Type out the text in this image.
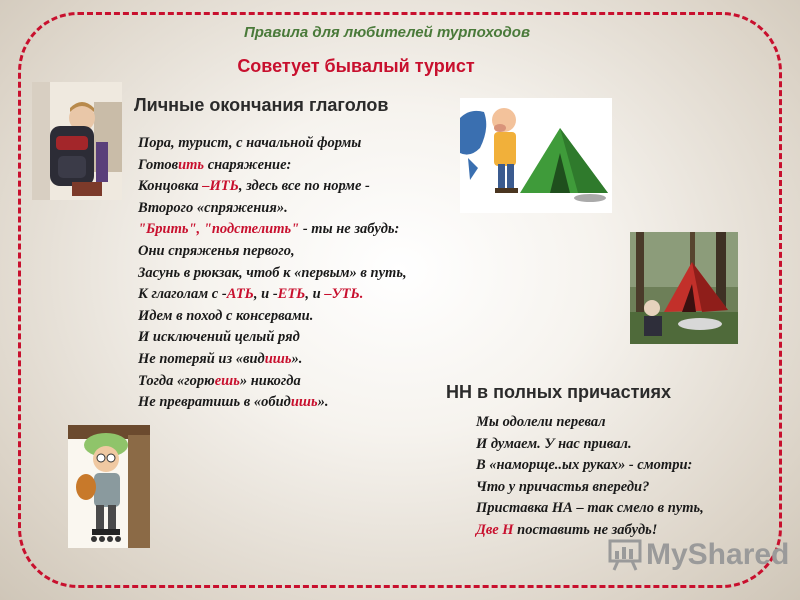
Правила для любителей турпоходов
Советует бывалый турист
Личные окончания глаголов
Пора, турист, с начальной формы
Готовить снаряжение:
Концовка –ИТЬ, здесь все по норме -
Второго «спряжения».
"Брить", "подстелить" - ты не забудь:
Они спряженья первого,
Засунь в рюкзак, чтоб к «первым» в путь,
К глаголам с -АТЬ, и -ЕТЬ, и –УТЬ.
Идем в поход с консервами.
И исключений целый ряд
Не потеряй из «видишь».
Тогда «горюешь» никогда
Не превратишь в «обидишь».
НН в полных причастиях
Мы одолели перевал
И думаем. У нас привал.
В «наморще..ых руках» - смотри:
Что у причастья впереди?
Приставка НА – так смело в путь,
Две Н поставить не забудь!
MyShared
